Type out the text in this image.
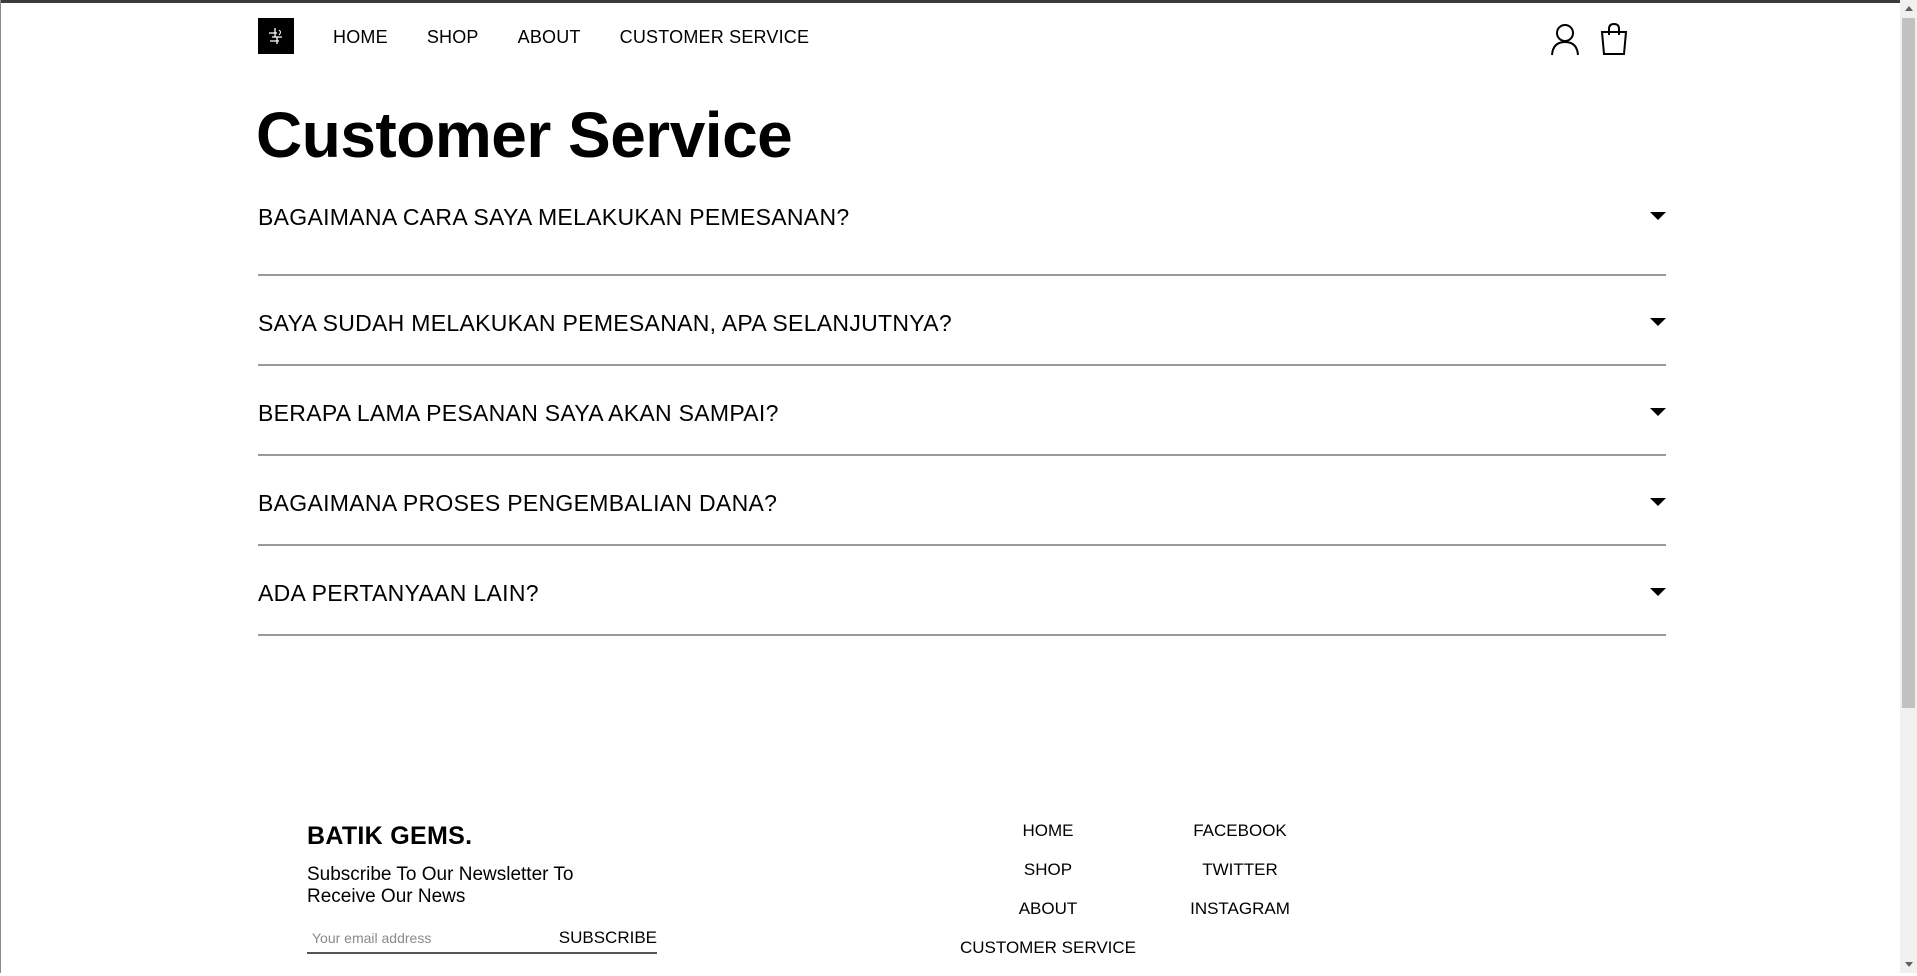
HOME SHOP ABOUT CUSTOMER SERVICE
Customer Service
BAGAIMANA CARA SAYA MELAKUKAN PEMESANAN?
SAYA SUDAH MELAKUKAN PEMESANAN, APA SELANJUTNYA?
BERAPA LAMA PESANAN SAYA AKAN SAMPAI?
BAGAIMANA PROSES PENGEMBALIAN DANA?
ADA PERTANYAAN LAIN?
BATIK GEMS.
Subscribe To Our Newsletter To Receive Our News
Your email address
SUBSCRIBE
HOME
SHOP
ABOUT
CUSTOMER SERVICE
FACEBOOK
TWITTER
INSTAGRAM
